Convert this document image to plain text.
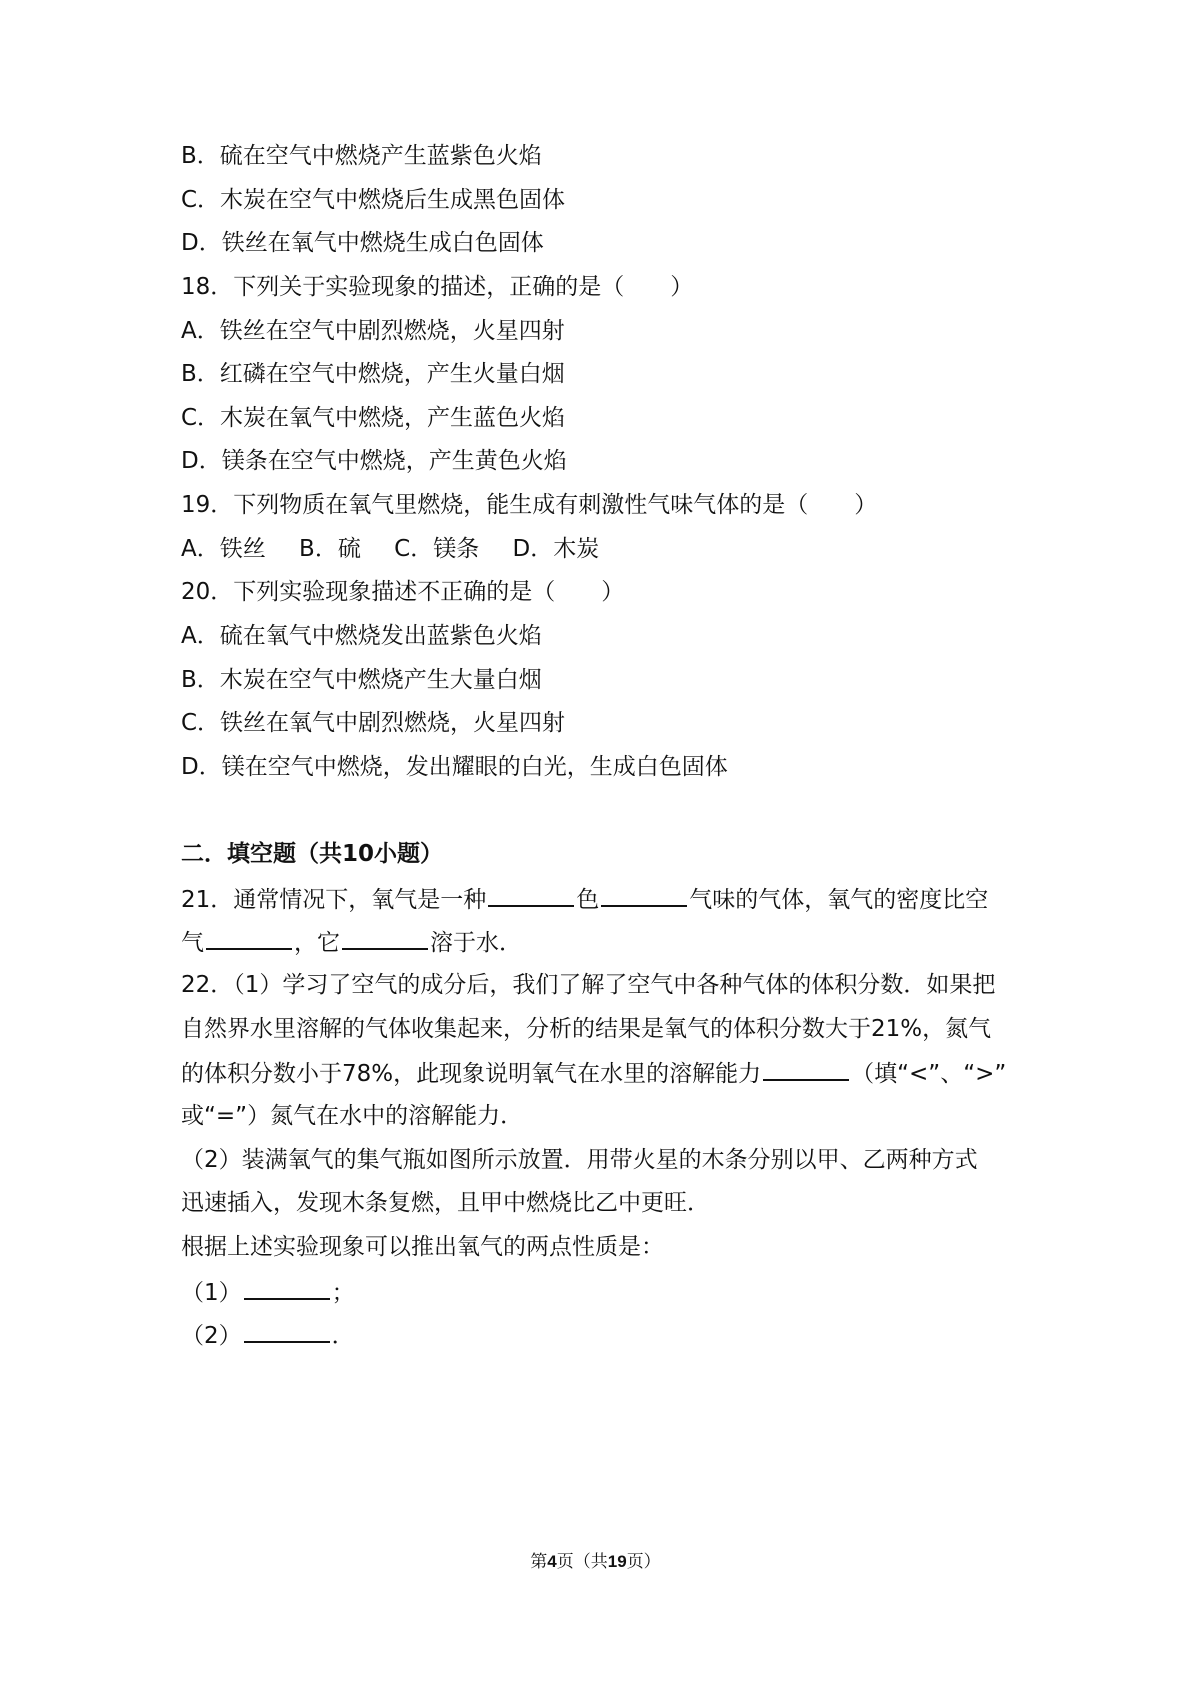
B．硫在空气中燃烧产生蓝紫色火焰
C．木炭在空气中燃烧后生成黑色固体
D．铁丝在氧气中燃烧生成白色固体
18．下列关于实验现象的描述，正确的是（　　）
A．铁丝在空气中剧烈燃烧，火星四射
B．红磷在空气中燃烧，产生火量白烟
C．木炭在氧气中燃烧，产生蓝色火焰
D．镁条在空气中燃烧，产生黄色火焰
19．下列物质在氧气里燃烧，能生成有刺激性气味气体的是（　　）
A．铁丝 B．硫 C．镁条 D．木炭
20．下列实验现象描述不正确的是（　　）
A．硫在氧气中燃烧发出蓝紫色火焰
B．木炭在空气中燃烧产生大量白烟
C．铁丝在氧气中剧烈燃烧，火星四射
D．镁在空气中燃烧，发出耀眼的白光，生成白色固体
二．填空题（共10小题）
21．通常情况下，氧气是一种	色	气味的气体，氧气的密度比空
气	，它	溶于水．
22．（1）学习了空气的成分后，我们了解了空气中各种气体的体积分数．如果把
自然界水里溶解的气体收集起来，分析的结果是氧气的体积分数大于21%，氮气
的体积分数小于78%，此现象说明氧气在水里的溶解能力	（填“<”、“>”
或“=”）氮气在水中的溶解能力．
（2）装满氧气的集气瓶如图所示放置．用带火星的木条分别以甲、乙两种方式
迅速插入，发现木条复燃，且甲中燃烧比乙中更旺．
根据上述实验现象可以推出氧气的两点性质是：
（1）	；
（2）	．
第4页（共19页）
